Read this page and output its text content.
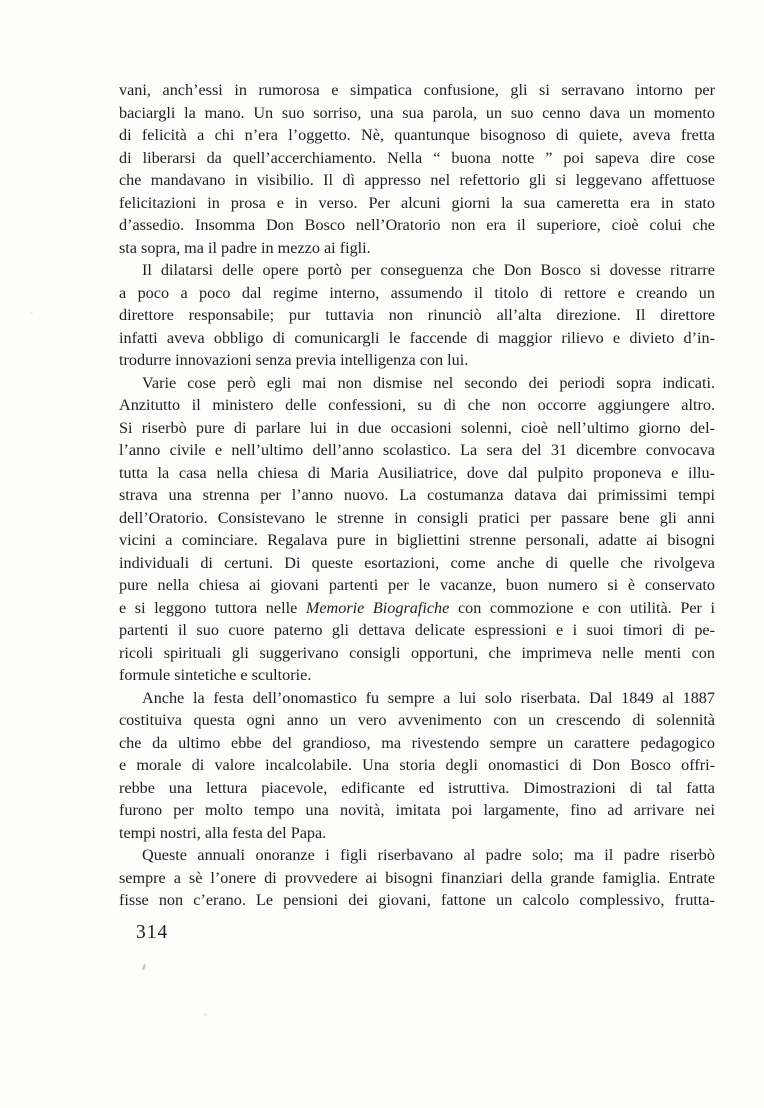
vani, anch’essi in rumorosa e simpatica confusione, gli si serravano intorno per
baciargli la mano. Un suo sorriso, una sua parola, un suo cenno dava un momento
di felicità a chi n’era l’oggetto. Nè, quantunque bisognoso di quiete, aveva fretta
di liberarsi da quell’accerchiamento. Nella “ buona notte ” poi sapeva dire cose
che mandavano in visibilio. Il dì appresso nel refettorio gli si leggevano affettuose
felicitazioni in prosa e in verso. Per alcuni giorni la sua cameretta era in stato
d’assedio. Insomma Don Bosco nell’Oratorio non era il superiore, cioè colui che
sta sopra, ma il padre in mezzo ai figli.
Il dilatarsi delle opere portò per conseguenza che Don Bosco si dovesse ritrarre
a poco a poco dal regime interno, assumendo il titolo di rettore e creando un
direttore responsabile; pur tuttavia non rinunciò all’alta direzione. Il direttore
infatti aveva obbligo di comunicargli le faccende di maggior rilievo e divieto d’in-
trodurre innovazioni senza previa intelligenza con lui.
Varie cose però egli mai non dismise nel secondo dei periodi sopra indicati.
Anzitutto il ministero delle confessioni, su di che non occorre aggiungere altro.
Si riserbò pure di parlare lui in due occasioni solenni, cioè nell’ultimo giorno del-
l’anno civile e nell’ultimo dell’anno scolastico. La sera del 31 dicembre convocava
tutta la casa nella chiesa di Maria Ausiliatrice, dove dal pulpito proponeva e illu-
strava una strenna per l’anno nuovo. La costumanza datava dai primissimi tempi
dell’Oratorio. Consistevano le strenne in consigli pratici per passare bene gli anni
vicini a cominciare. Regalava pure in bigliettini strenne personali, adatte ai bisogni
individuali di certuni. Di queste esortazioni, come anche di quelle che rivolgeva
pure nella chiesa ai giovani partenti per le vacanze, buon numero si è conservato
e si leggono tuttora nelle Memorie Biografiche con commozione e con utilità. Per i
partenti il suo cuore paterno gli dettava delicate espressioni e i suoi timori di pe-
ricoli spirituali gli suggerivano consigli opportuni, che imprimeva nelle menti con
formule sintetiche e scultorie.
Anche la festa dell’onomastico fu sempre a lui solo riserbata. Dal 1849 al 1887
costituiva questa ogni anno un vero avvenimento con un crescendo di solennità
che da ultimo ebbe del grandioso, ma rivestendo sempre un carattere pedagogico
e morale di valore incalcolabile. Una storia degli onomastici di Don Bosco offri-
rebbe una lettura piacevole, edificante ed istruttiva. Dimostrazioni di tal fatta
furono per molto tempo una novità, imitata poi largamente, fino ad arrivare nei
tempi nostri, alla festa del Papa.
Queste annuali onoranze i figli riserbavano al padre solo; ma il padre riserbò
sempre a sè l’onere di provvedere ai bisogni finanziari della grande famiglia. Entrate
fisse non c’erano. Le pensioni dei giovani, fattone un calcolo complessivo, frutta-
314
